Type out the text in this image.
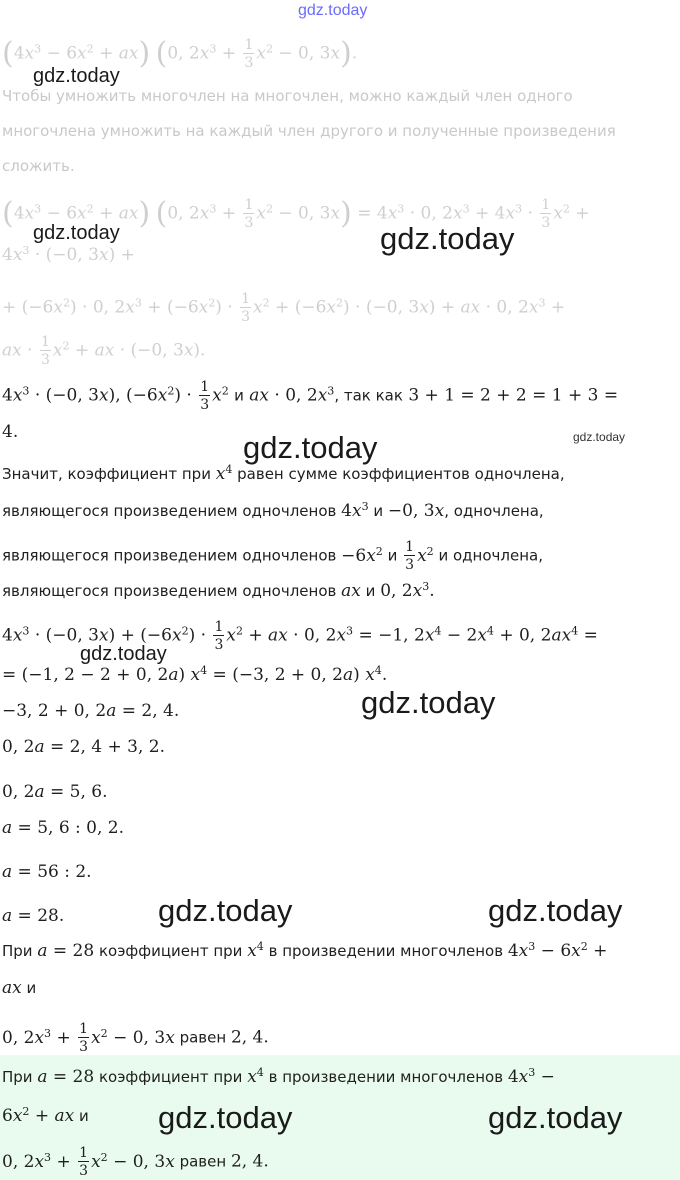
gdz.today
$(4x^3 - 6x^2 + ax)$ (0, $2x^3 + \frac{1}{3} x^2 - 0$, 3x).
gdz.today
Чтобы умножить многочлен на многочлен, можно каждый член одного
многочлена умножить на каждый член другого и полученные произведения
сложить.
$(4x^3 - 6x^2 + ax)$ (0, $2x^3 + \frac{1}{3} x^2 - 0$, $3x) = 4x^3 \cdot 0$, $2x^3 + 4x^3 \cdot \frac{1}{3} x^2$ +
gdz.today	gdz.today
$4x^3 \cdot (-0$, 3x) +
+ $(-6x^2) \cdot 0$, $2x^3 + (-6x^2) \cdot \frac{1}{3} x^2 + (-6x^2) \cdot (-0$, 3x) + ax · 0, $2x^3$ +
ax · $\frac{1}{3} x^2$ + ax · (−0, 3x).
$4x^3 \cdot (-0$, 3x), $(-6x^2) \cdot \frac{1}{3} x^2$ и ax · 0, $2x^3$, так как 3 + 1 = 2 + 2 = 1 + 3 =
4.	gdz.today	gdz.today
Значит, коэффициент при $x^4$ равен сумме коэффициентов одночлена,
являющегося произведением одночленов $4x^3$ и −0, 3x, одночлена,
являющегося произведением одночленов $-6x^2$ и $\frac{1}{3} x^2$ и одночлена,
являющегося произведением одночленов ax и 0, $2x^3$.
$4x^3 \cdot (-0$, $3x) + (-6x^2) \cdot \frac{1}{3} x^2$ + ax · 0, $2x^3 = -1$, $2x^4 - 2x^4 + 0$, $2ax^4$ =
gdz.today
= (−1, 2 − 2 + 0, 2a) $x^4 = (-3$, 2 + 0, 2a) $x^4$.
gdz.today
−3, 2 + 0, 2a = 2, 4.
0, 2a = 2, 4 + 3, 2.
0, 2a = 5, 6.
a = 5, 6 : 0, 2.
a = 56 : 2.
a = 28.	gdz.today	gdz.today
При a = 28 коэффициент при $x^4$ в произведении многочленов $4x^3 - 6x^2$ +
ax и
0, $2x^3 + \frac{1}{3} x^2 - 0$, 3x равен 2, 4.
При a = 28 коэффициент при $x^4$ в произведении многочленов $4x^3$ −
$6x^2$ + ax и gdz.today	gdz.today
0, $2x^3 + \frac{1}{3} x^2 - 0$, 3x равен 2, 4.
